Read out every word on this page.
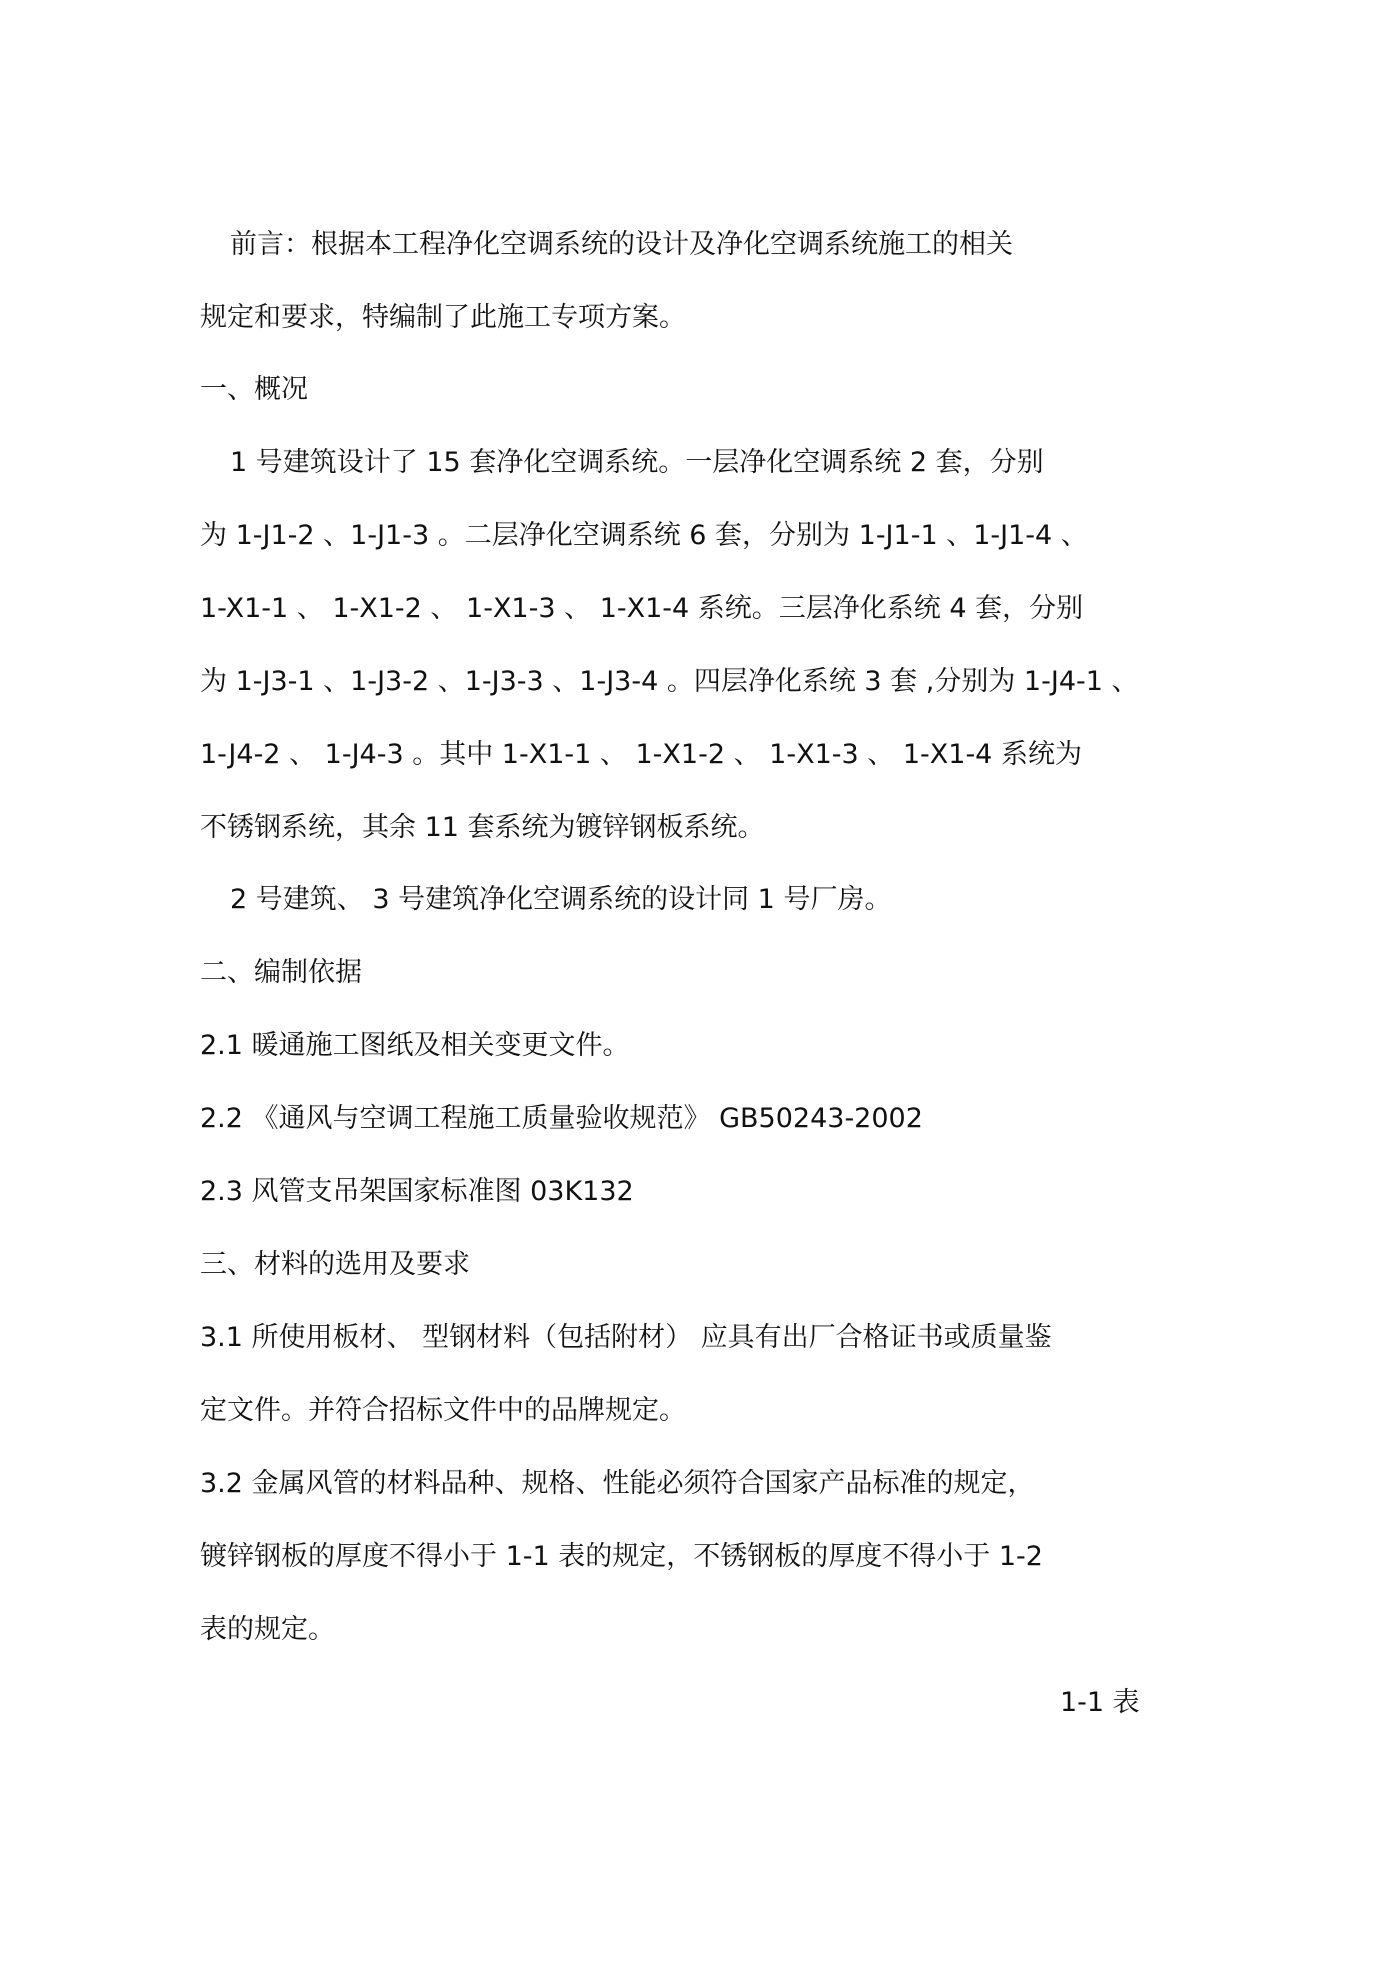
前言：根据本工程净化空调系统的设计及净化空调系统施工的相关
规定和要求，特编制了此施工专项方案。
一、概况
1 号建筑设计了 15 套净化空调系统。一层净化空调系统 2 套，分别
为 1-J1-2 、1-J1-3 。二层净化空调系统 6 套，分别为 1-J1-1 、1-J1-4 、
1-X1-1 、 1-X1-2 、 1-X1-3 、 1-X1-4 系统。三层净化系统 4 套，分别
为 1-J3-1 、1-J3-2 、1-J3-3 、1-J3-4 。四层净化系统 3 套 ,分别为 1-J4-1 、
1-J4-2 、 1-J4-3 。其中 1-X1-1 、 1-X1-2 、 1-X1-3 、 1-X1-4 系统为
不锈钢系统，其余 11 套系统为镀锌钢板系统。
2 号建筑、 3 号建筑净化空调系统的设计同 1 号厂房。
二、编制依据
2.1 暖通施工图纸及相关变更文件。
2.2 《通风与空调工程施工质量验收规范》 GB50243-2002
2.3 风管支吊架国家标准图 03K132
三、材料的选用及要求
3.1 所使用板材、 型钢材料（包括附材） 应具有出厂合格证书或质量鉴
定文件。并符合招标文件中的品牌规定。
3.2 金属风管的材料品种、规格、性能必须符合国家产品标准的规定，
镀锌钢板的厚度不得小于 1-1 表的规定，不锈钢板的厚度不得小于 1-2
表的规定。
1-1 表
